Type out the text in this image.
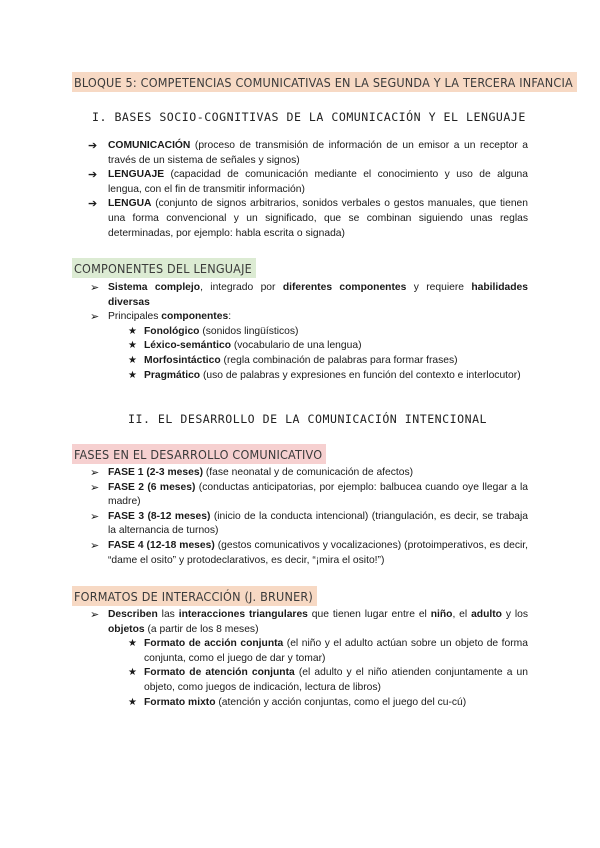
BLOQUE 5: COMPETENCIAS COMUNICATIVAS EN LA SEGUNDA Y LA TERCERA INFANCIA
I. BASES SOCIO-COGNITIVAS DE LA COMUNICACIÓN Y EL LENGUAJE
➔ COMUNICACIÓN (proceso de transmisión de información de un emisor a un receptor a través de un sistema de señales y signos)
➔ LENGUAJE (capacidad de comunicación mediante el conocimiento y uso de alguna lengua, con el fin de transmitir información)
➔ LENGUA (conjunto de signos arbitrarios, sonidos verbales o gestos manuales, que tienen una forma convencional y un significado, que se combinan siguiendo unas reglas determinadas, por ejemplo: habla escrita o signada)
COMPONENTES DEL LENGUAJE
➢ Sistema complejo, integrado por diferentes componentes y requiere habilidades diversas
➢ Principales componentes:
★ Fonológico (sonidos lingüísticos)
★ Léxico-semántico (vocabulario de una lengua)
★ Morfosintáctico (regla combinación de palabras para formar frases)
★ Pragmático (uso de palabras y expresiones en función del contexto e interlocutor)
II. EL DESARROLLO DE LA COMUNICACIÓN INTENCIONAL
FASES EN EL DESARROLLO COMUNICATIVO
➢ FASE 1 (2-3 meses) (fase neonatal y de comunicación de afectos)
➢ FASE 2 (6 meses) (conductas anticipatorias, por ejemplo: balbucea cuando oye llegar a la madre)
➢ FASE 3 (8-12 meses) (inicio de la conducta intencional) (triangulación, es decir, se trabaja la alternancia de turnos)
➢ FASE 4 (12-18 meses) (gestos comunicativos y vocalizaciones) (protoimperativos, es decir, “dame el osito” y protodeclarativos, es decir, “¡mira el osito!”)
FORMATOS DE INTERACCIÓN (J. BRUNER)
➢ Describen las interacciones triangulares que tienen lugar entre el niño, el adulto y los objetos (a partir de los 8 meses)
★ Formato de acción conjunta (el niño y el adulto actúan sobre un objeto de forma conjunta, como el juego de dar y tomar)
★ Formato de atención conjunta (el adulto y el niño atienden conjuntamente a un objeto, como juegos de indicación, lectura de libros)
★ Formato mixto (atención y acción conjuntas, como el juego del cu-cú)
